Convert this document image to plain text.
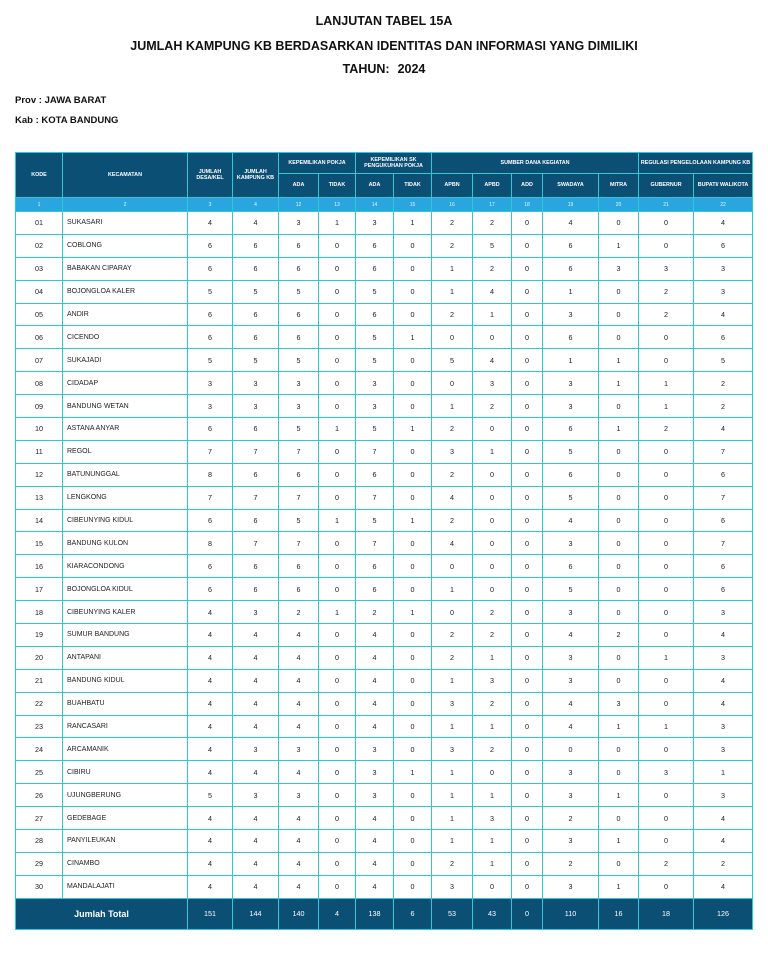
LANJUTAN TABEL 15A
JUMLAH KAMPUNG KB BERDASARKAN IDENTITAS DAN INFORMASI YANG DIMILIKI
TAHUN: 2024
Prov : JAWA BARAT
Kab : KOTA BANDUNG
KODE	KECAMATAN	JUMLAH DESA/KEL	JUMLAH KAMPUNG KB	KEPEMILIKAN POKJA		KEPEMILIKAN SK PENGUKUHAN POKJA		SUMBER DANA KEGIATAN					REGULASI PENGELOLAAN KAMPUNG KB	
				ADA	TIDAK	ADA	TIDAK	APBN	APBD	ADD	SWADAYA	MITRA	GUBERNUR	BUPATI/ WALIKOTA
1	2	3	4	12	13	14	15	16	17	18	19	20	21	22
01	SUKASARI	4	4	3	1	3	1	2	2	0	4	0	0	4
02	COBLONG	6	6	6	0	6	0	2	5	0	6	1	0	6
03	BABAKAN CIPARAY	6	6	6	0	6	0	1	2	0	6	3	3	3
04	BOJONGLOA KALER	5	5	5	0	5	0	1	4	0	1	0	2	3
05	ANDIR	6	6	6	0	6	0	2	1	0	3	0	2	4
06	CICENDO	6	6	6	0	5	1	0	0	0	6	0	0	6
07	SUKAJADI	5	5	5	0	5	0	5	4	0	1	1	0	5
08	CIDADAP	3	3	3	0	3	0	0	3	0	3	1	1	2
09	BANDUNG WETAN	3	3	3	0	3	0	1	2	0	3	0	1	2
10	ASTANA ANYAR	6	6	5	1	5	1	2	0	0	6	1	2	4
11	REGOL	7	7	7	0	7	0	3	1	0	5	0	0	7
12	BATUNUNGGAL	8	6	6	0	6	0	2	0	0	6	0	0	6
13	LENGKONG	7	7	7	0	7	0	4	0	0	5	0	0	7
14	CIBEUNYING KIDUL	6	6	5	1	5	1	2	0	0	4	0	0	6
15	BANDUNG KULON	8	7	7	0	7	0	4	0	0	3	0	0	7
16	KIARACONDONG	6	6	6	0	6	0	0	0	0	6	0	0	6
17	BOJONGLOA KIDUL	6	6	6	0	6	0	1	0	0	5	0	0	6
18	CIBEUNYING KALER	4	3	2	1	2	1	0	2	0	3	0	0	3
19	SUMUR BANDUNG	4	4	4	0	4	0	2	2	0	4	2	0	4
20	ANTAPANI	4	4	4	0	4	0	2	1	0	3	0	1	3
21	BANDUNG KIDUL	4	4	4	0	4	0	1	3	0	3	0	0	4
22	BUAHBATU	4	4	4	0	4	0	3	2	0	4	3	0	4
23	RANCASARI	4	4	4	0	4	0	1	1	0	4	1	1	3
24	ARCAMANIK	4	3	3	0	3	0	3	2	0	0	0	0	3
25	CIBIRU	4	4	4	0	3	1	1	0	0	3	0	3	1
26	UJUNGBERUNG	5	3	3	0	3	0	1	1	0	3	1	0	3
27	GEDEBAGE	4	4	4	0	4	0	1	3	0	2	0	0	4
28	PANYILEUKAN	4	4	4	0	4	0	1	1	0	3	1	0	4
29	CINAMBO	4	4	4	0	4	0	2	1	0	2	0	2	2
30	MANDALAJATI	4	4	4	0	4	0	3	0	0	3	1	0	4
Jumlah Total		151	144	140	4	138	6	53	43	0	110	16	18	126
